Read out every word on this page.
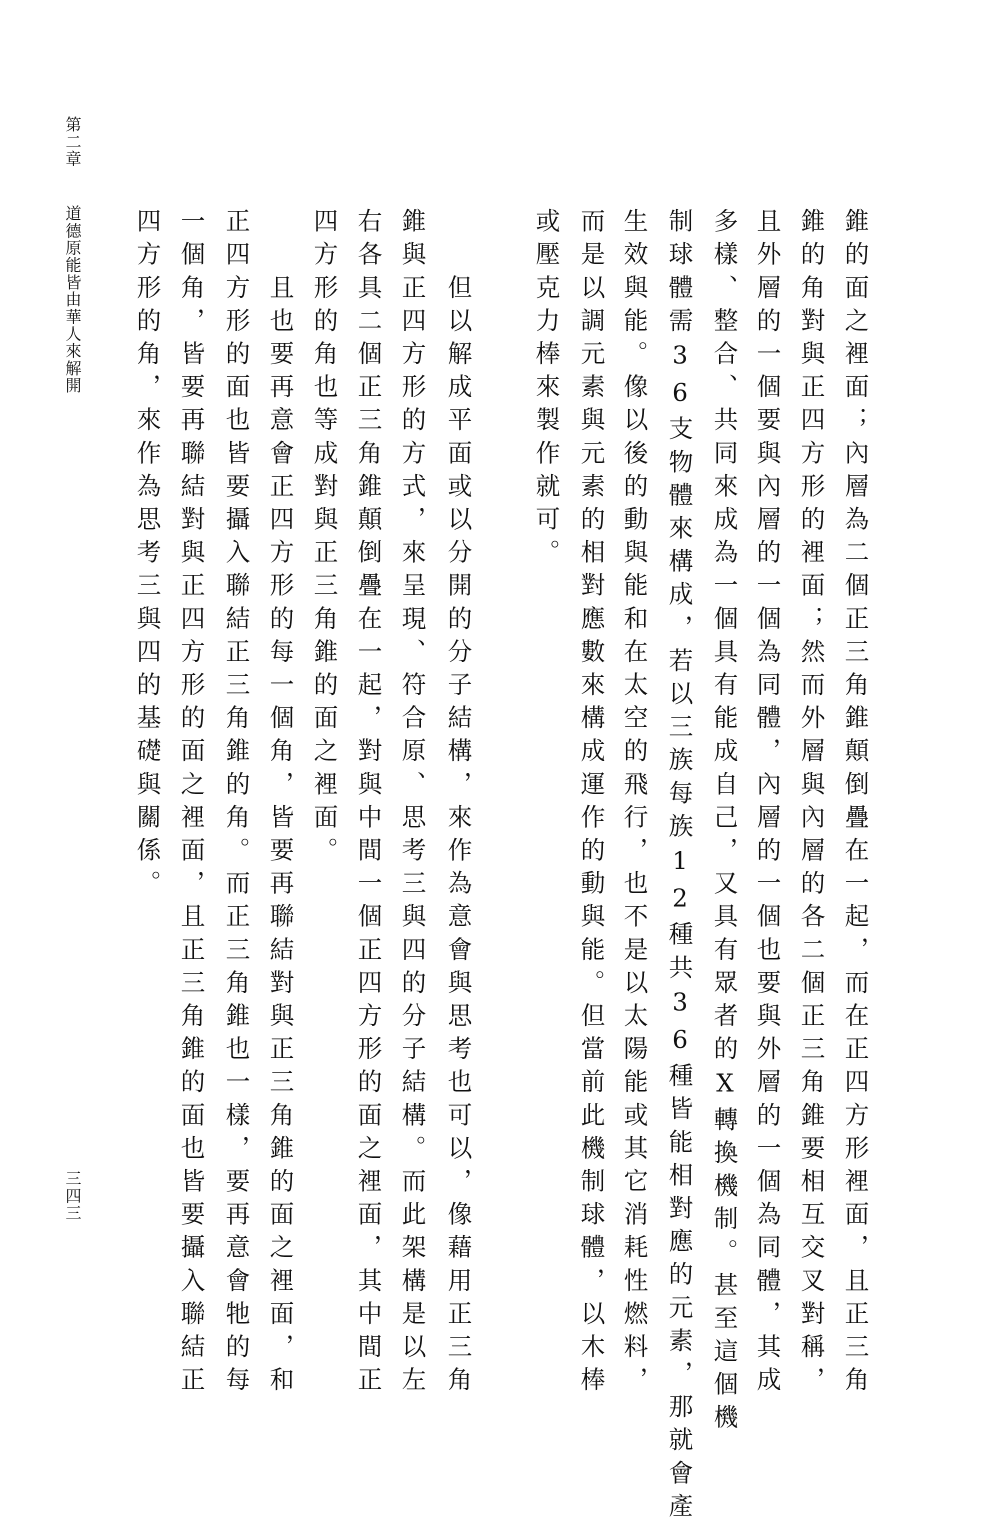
第二章
道德原能皆由華人來解開
三四三	錐的面之裡面；內層為二個正三角錐顛倒疊在一起，而在正四方形裡面，且正三角
錐的角對與正四方形的裡面；然而外層與內層的各二個正三角錐要相互交叉對稱，
且外層的一個要與內層的一個為同體，內層的一個也要與外層的一個為同體，其成
多樣、整合、共同來成為一個具有能成自己，又具有眾者的X轉換機制。甚至這個機
制球體需36支物體來構成，若以三族每族12種共36種皆能相對應的元素，那就會產
生效與能。像以後的動與能和在太空的飛行，也不是以太陽能或其它消耗性燃料，
而是以調元素與元素的相對應數來構成運作的動與能。但當前此機制球體，以木棒
或壓克力棒來製作就可。
　　但以解成平面或以分開的分子結構，來作為意會與思考也可以，像藉用正三角
錐與正四方形的方式，來呈現、符合原、思考三與四的分子結構。而此架構是以左
右各具二個正三角錐顛倒疊在一起，對與中間一個正四方形的面之裡面，其中間正
四方形的角也等成對與正三角錐的面之裡面。
　　且也要再意會正四方形的每一個角，皆要再聯結對與正三角錐的面之裡面，和
正四方形的面也皆要攝入聯結正三角錐的角。而正三角錐也一樣，要再意會牠的每
一個角，皆要再聯結對與正四方形的面之裡面，且正三角錐的面也皆要攝入聯結正
四方形的角，來作為思考三與四的基礎與關係。
